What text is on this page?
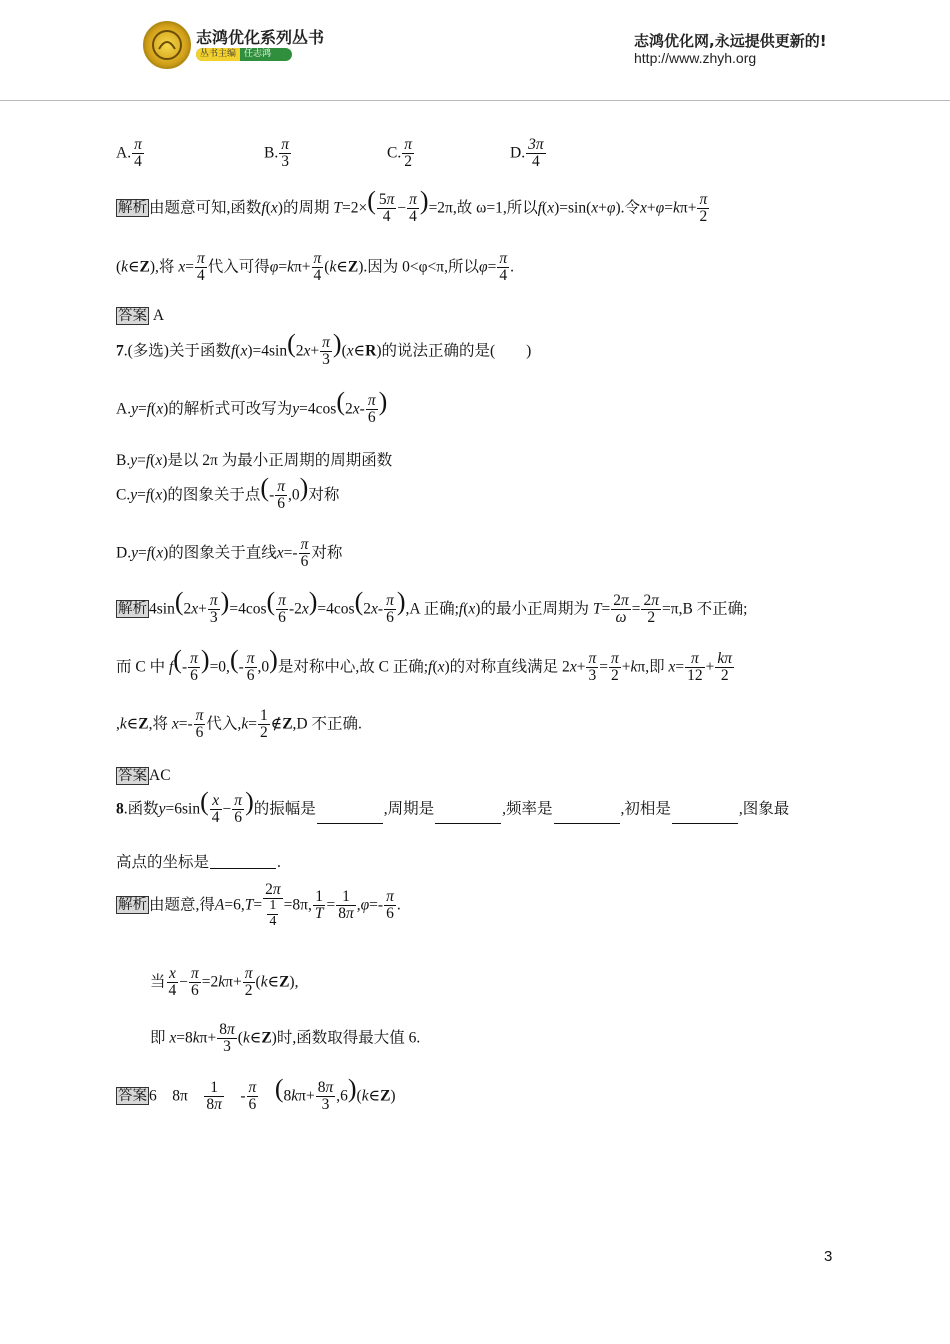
志鸿优化系列丛书
丛书主编 任志鸿
志鸿优化网,永远提供更新的!
http://www.zhyh.org
A. $\frac{\pi}{4}$	B. $\frac{\pi}{3}$	C. $\frac{\pi}{2}$	D. $\frac{3\pi}{4}$
解析 由题意可知,函数f(x)的周期 $T=2\times( \frac{5\pi}{4} - \frac{\pi}{4} )=2\pi$,故 ω=1,所以f(x)=sin(x+φ).令$x+\varphi=k\pi+ \frac{\pi}{2}$
(k∈Z),将 $x= \frac{\pi}{4}$ 代入可得$\varphi=k\pi+ \frac{\pi}{4}$ (k∈Z).因为 0<φ<π,所以$\varphi= \frac{\pi}{4}$ .
答案 A
7.(多选)关于函数$f(x)=4\sin(2x+ \frac{\pi}{3}$ )(x∈R)的说法正确的是(　　)
A.y=f(x)的解析式可改写为$y=4\cos(2x- \frac{\pi}{6}$ )
B.y=f(x)是以 2π 为最小正周期的周期函数
C.y=f(x)的图象关于点(- $\frac{\pi}{6} ,0$)对称
D.y=f(x)的图象关于直线$x=- \frac{\pi}{6}$ 对称
解析 $4\sin(2x+ \frac{\pi}{3} )=4\cos( \frac{\pi}{6} -2x)=4\cos(2x- \frac{\pi}{6} ),A$ 正确;f(x)的最小正周期为 $T= \frac{2\pi}{\omega} = \frac{2\pi}{2} =\pi,B$ 不正确;
而 C 中 $f(- \frac{\pi}{6} )=0,(- \frac{\pi}{6} ,0)$是对称中心,故 C 正确;f(x)的对称直线满足 $2x+ \frac{\pi}{3} = \frac{\pi}{2} +k\pi$,即 $x= \frac{\pi}{12} + \frac{k\pi}{2}$
,k∈Z,将 $x=- \frac{\pi}{6}$ 代入$,k= \frac{1}{2}$ ∉Z,D 不正确.
答案 AC
8.函数$y=6\sin( \frac{x}{4} - \frac{\pi}{6}$ )的振幅是	,周期是	,频率是	,初相是	,图象最
高点的坐标是	.
解析 由题意,得$A=6,T= \frac{2\pi}{\frac{1}{4}} =8\pi$, $\frac{1}{T} = \frac{1}{8\pi} ,\varphi=- \frac{\pi}{6}$ .
当 $\frac{x}{4} - \frac{\pi}{6} =2k\pi+ \frac{\pi}{2}$ (k∈Z),
即 $x=8k\pi+ \frac{8\pi}{3}$ (k∈Z)时,函数取得最大值 6.
答案 6　 8π　 $\frac{1}{8\pi}$ 　- $\frac{\pi}{6}$
　 ($8k\pi+ \frac{8\pi}{3}$ ,6)(k∈Z)
3
